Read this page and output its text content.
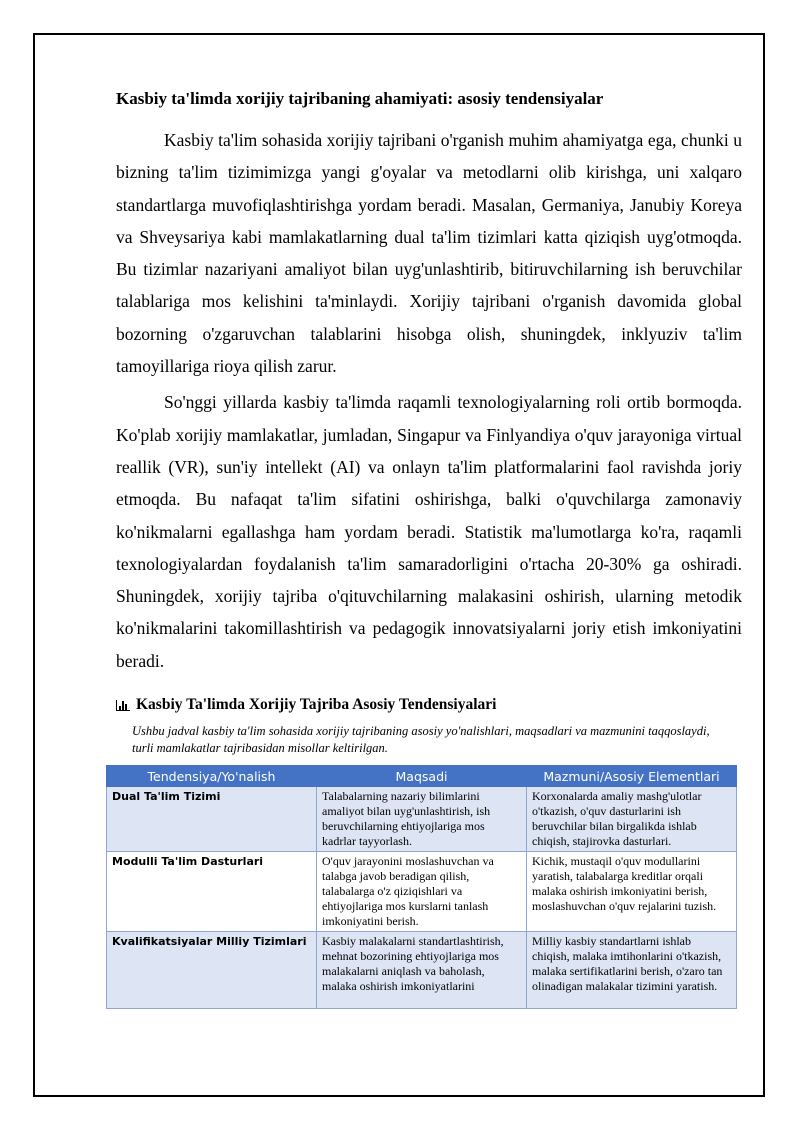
Kasbiy ta'limda xorijiy tajribaning ahamiyati: asosiy tendensiyalar

Kasbiy ta'lim sohasida xorijiy tajribani o'rganish muhim ahamiyatga ega, chunki u bizning ta'lim tizimimizga yangi g'oyalar va metodlarni olib kirishga, uni xalqaro standartlarga muvofiqlashtirishga yordam beradi. Masalan, Germaniya, Janubiy Koreya va Shveysariya kabi mamlakatlarning dual ta'lim tizimlari katta qiziqish uyg'otmoqda. Bu tizimlar nazariyani amaliyot bilan uyg'unlashtirib, bitiruvchilarning ish beruvchilar talablariga mos kelishini ta'minlaydi. Xorijiy tajribani o'rganish davomida global bozorning o'zgaruvchan talablarini hisobga olish, shuningdek, inklyuziv ta'lim tamoyillariga rioya qilish zarur.

So'nggi yillarda kasbiy ta'limda raqamli texnologiyalarning roli ortib bormoqda. Ko'plab xorijiy mamlakatlar, jumladan, Singapur va Finlyandiya o'quv jarayoniga virtual reallik (VR), sun'iy intellekt (AI) va onlayn ta'lim platformalarini faol ravishda joriy etmoqda. Bu nafaqat ta'lim sifatini oshirishga, balki o'quvchilarga zamonaviy ko'nikmalarni egallashga ham yordam beradi. Statistik ma'lumotlarga ko'ra, raqamli texnologiyalardan foydalanish ta'lim samaradorligini o'rtacha 20-30% ga oshiradi. Shuningdek, xorijiy tajriba o'qituvchilarning malakasini oshirish, ularning metodik ko'nikmalarini takomillashtirish va pedagogik innovatsiyalarni joriy etish imkoniyatini beradi.

Kasbiy Ta'limda Xorijiy Tajriba Asosiy Tendensiyalari
Ushbu jadval kasbiy ta'lim sohasida xorijiy tajribaning asosiy yo'nalishlari, maqsadlari va mazmunini taqqoslaydi, turli mamlakatlar tajribasidan misollar keltirilgan.
Tendensiya/Yo'nalish	Maqsadi	Mazmuni/Asosiy Elementlari
Dual Ta'lim Tizimi	Talabalarning nazariy bilimlarini amaliyot bilan uyg'unlashtirish, ish beruvchilarning ehtiyojlariga mos kadrlar tayyorlash.	Korxonalarda amaliy mashg'ulotlar o'tkazish, o'quv dasturlarini ish beruvchilar bilan birgalikda ishlab chiqish, stajirovka dasturlari.
Modulli Ta'lim Dasturlari	O'quv jarayonini moslashuvchan va talabga javob beradigan qilish, talabalarga o'z qiziqishlari va ehtiyojlariga mos kurslarni tanlash imkoniyatini berish.	Kichik, mustaqil o'quv modullarini yaratish, talabalarga kreditlar orqali malaka oshirish imkoniyatini berish, moslashuvchan o'quv rejalarini tuzish.

Kvalifikatsiyalar Milliy Tizimlari	Kasbiy malakalarni standartlashtirish, mehnat bozorining ehtiyojlariga mos malakalarni aniqlash va baholash, malaka oshirish imkoniyatlarini	Milliy kasbiy standartlarni ishlab chiqish, malaka imtihonlarini o'tkazish, malaka sertifikatlarini berish, o'zaro tan olinadigan malakalar tizimini yaratish.
